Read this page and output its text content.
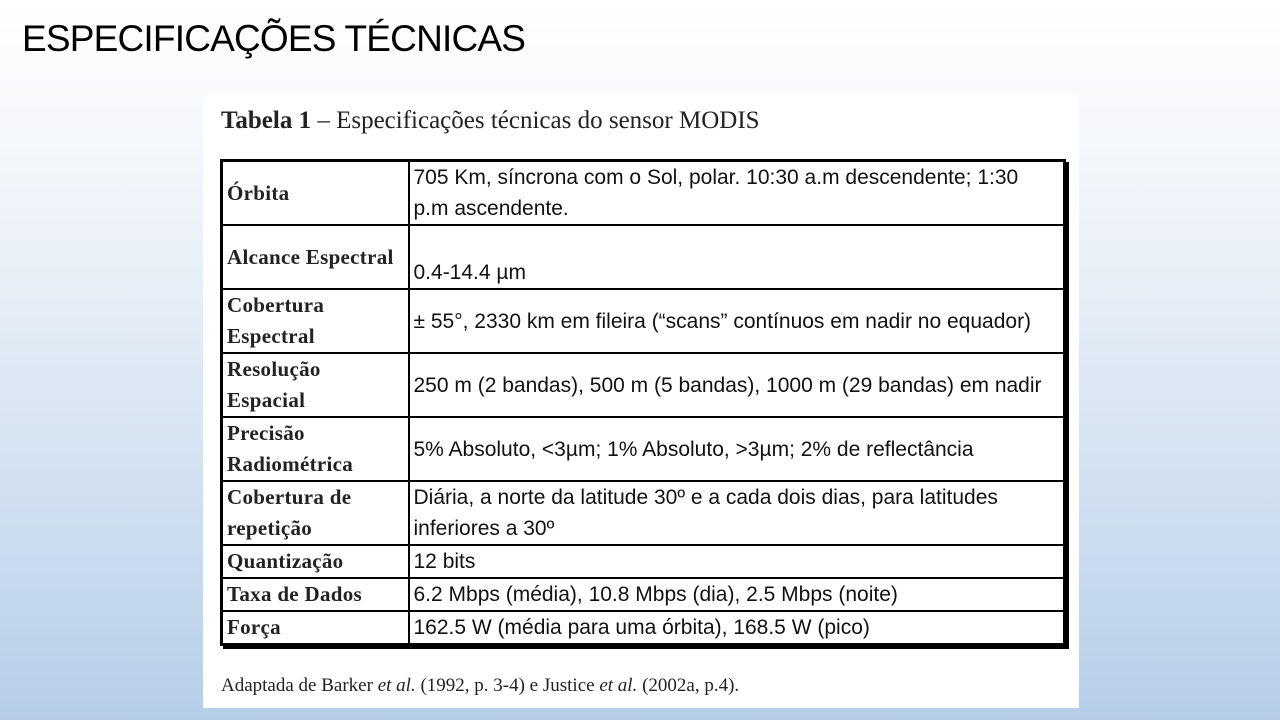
ESPECIFICAÇÕES TÉCNICAS

Tabela 1 – Especificações técnicas do sensor MODIS

Órbita	705 Km, síncrona com o Sol, polar. 10:30 a.m descendente; 1:30 p.m ascendente.
Alcance Espectral	0.4-14.4 µm
Cobertura Espectral	± 55°, 2330 km em fileira (“scans” contínuos em nadir no equador)
Resolução Espacial	250 m (2 bandas), 500 m (5 bandas), 1000 m (29 bandas) em nadir
Precisão Radiométrica	5% Absoluto, <3µm; 1% Absoluto, >3µm; 2% de reflectância
Cobertura de repetição	Diária, a norte da latitude 30º e a cada dois dias, para latitudes inferiores a 30º
Quantização	12 bits
Taxa de Dados	6.2 Mbps (média), 10.8 Mbps (dia), 2.5 Mbps (noite)
Força	162.5 W (média para uma órbita), 168.5 W (pico)

Adaptada de Barker et al. (1992, p. 3-4) e Justice et al. (2002a, p.4).
